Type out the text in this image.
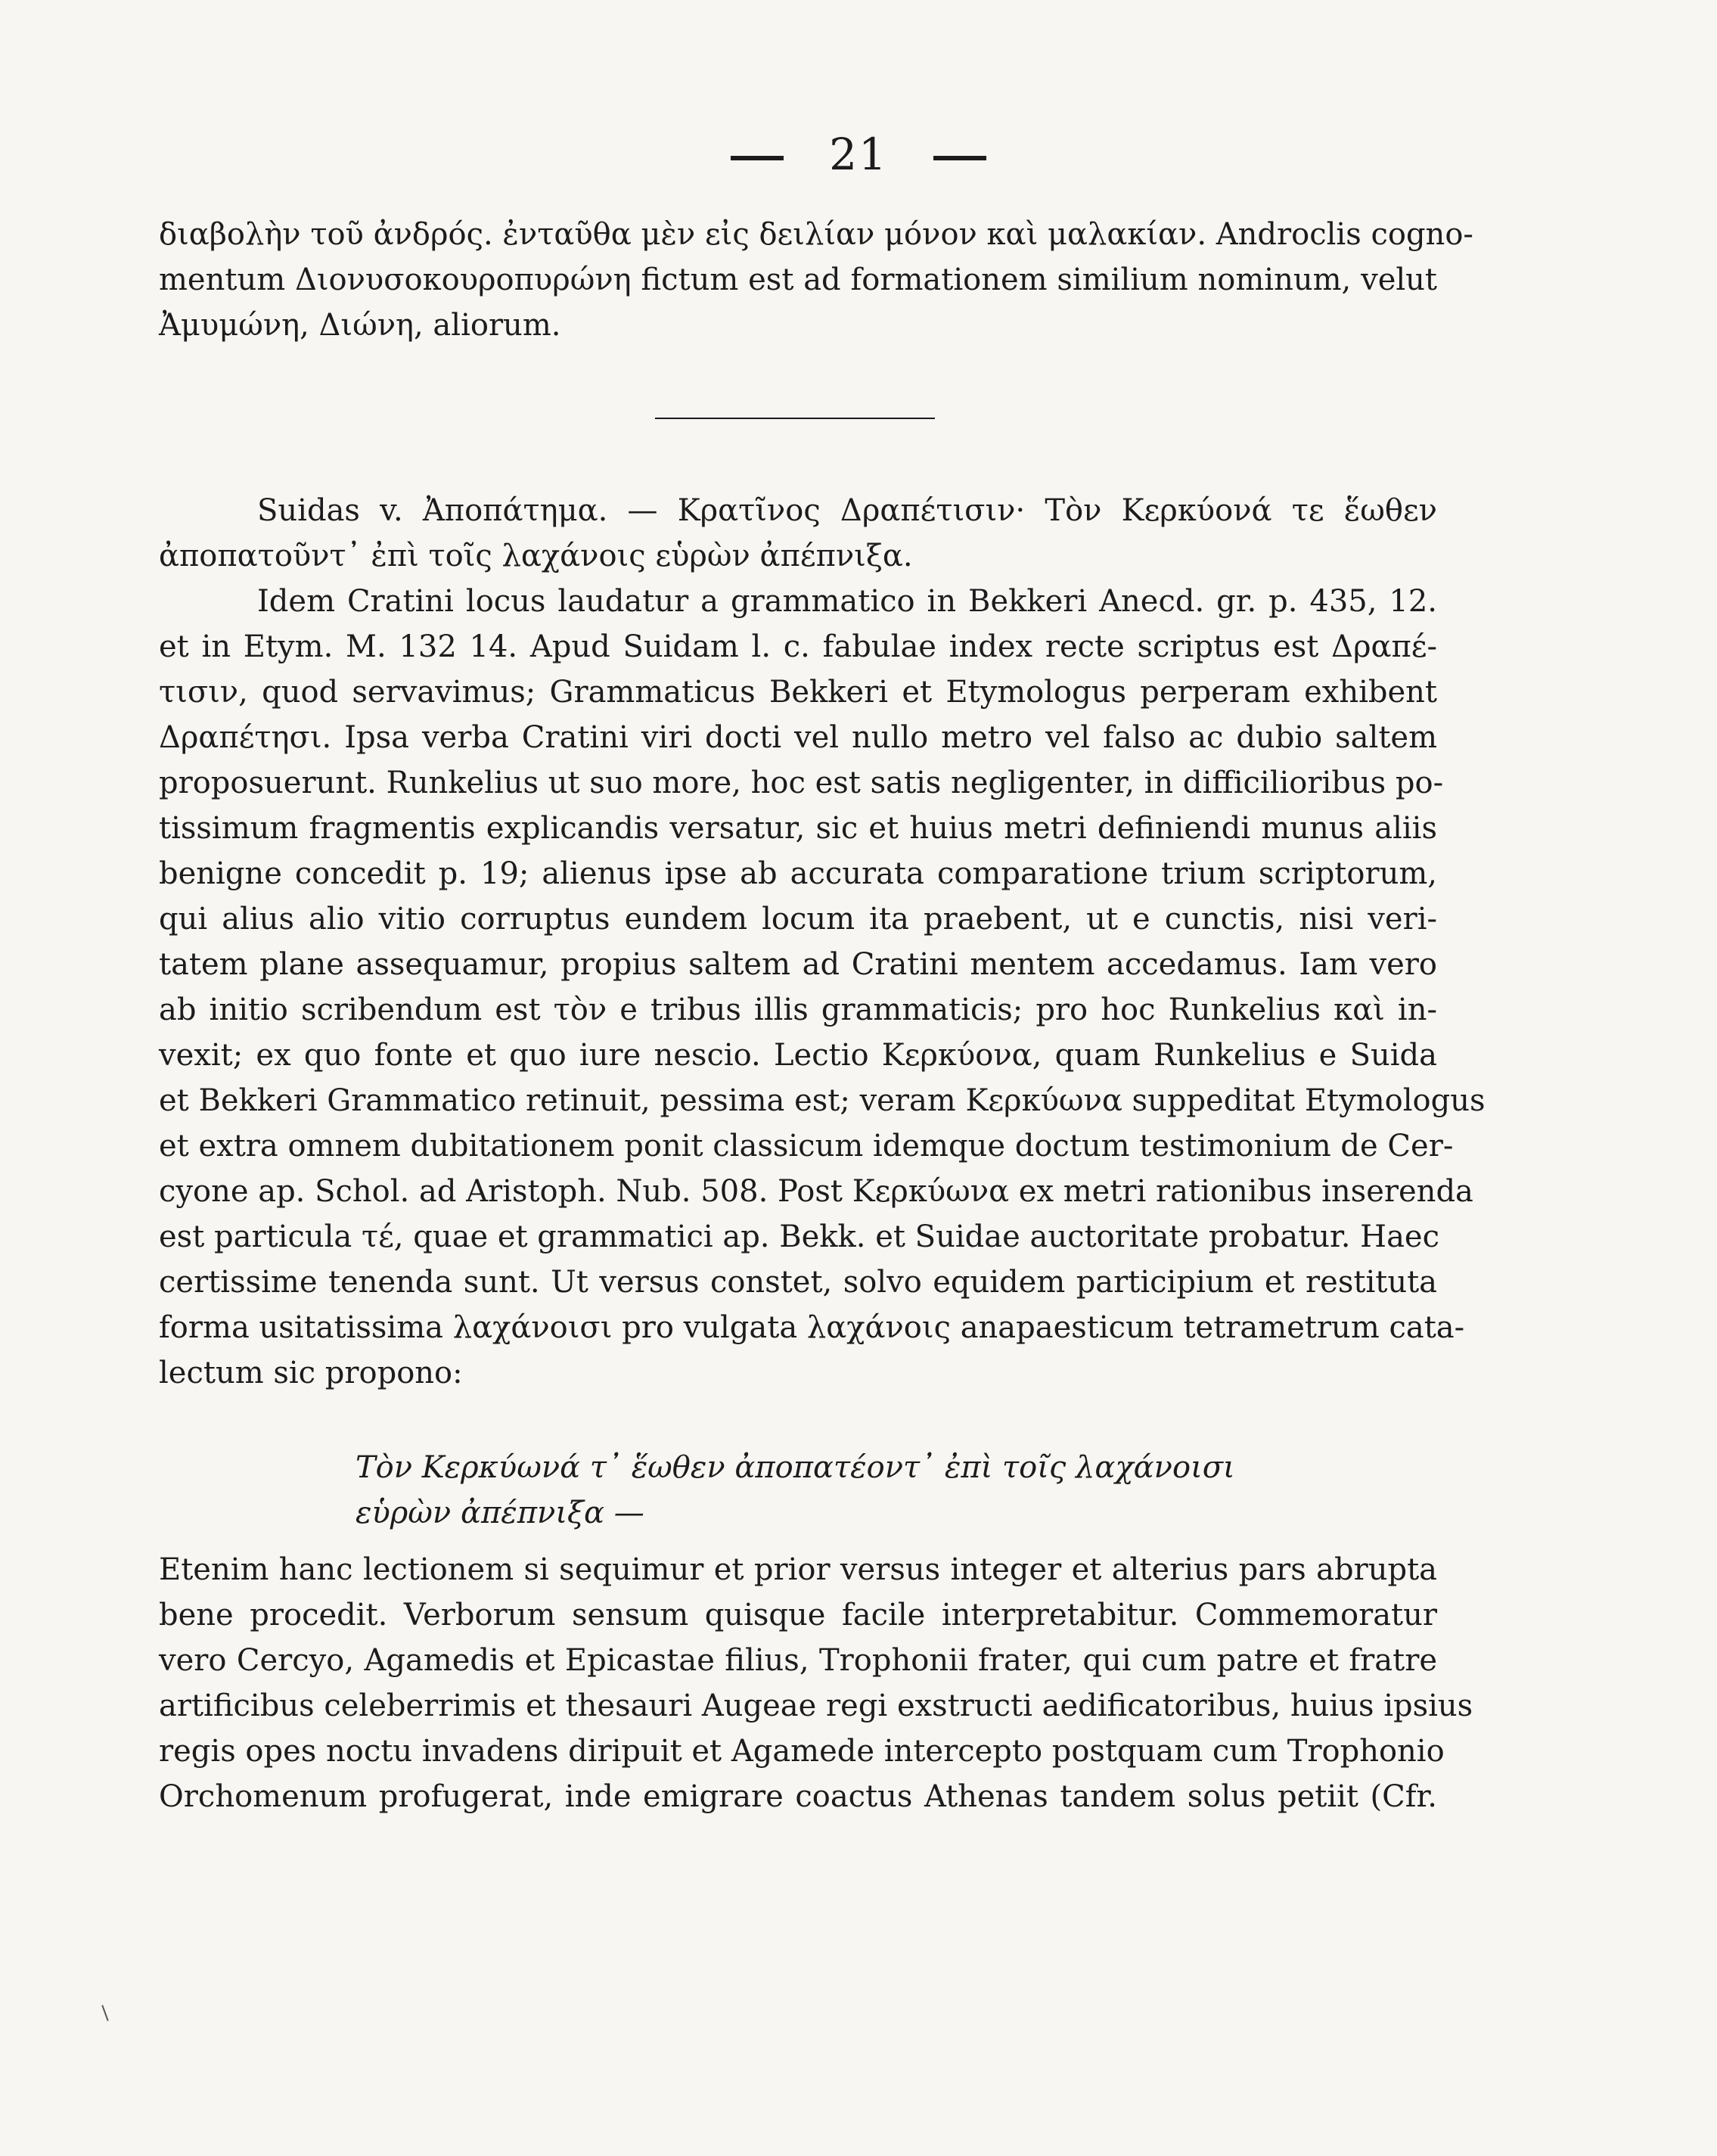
21
διαβολὴν τοῦ ἀνδρός. ἐνταῦθα μὲν εἰς δειλίαν μόνον καὶ μαλακίαν. Androclis cogno-
mentum Διονυσοκουροπυρώνη fictum est ad formationem similium nominum, velut
Ἀμυμώνη, Διώνη, aliorum.
Suidas v. Ἀποπάτημα. — Κρατῖνος Δραπέτισιν· Τὸν Κερκύονά τε ἕωθεν
ἀποπατοῦντ᾽ ἐπὶ τοῖς λαχάνοις εὑρὼν ἀπέπνιξα.
Idem Cratini locus laudatur a grammatico in Bekkeri Anecd. gr. p. 435, 12.
et in Etym. M. 132 14. Apud Suidam l. c. fabulae index recte scriptus est Δραπέ-
τισιν, quod servavimus; Grammaticus Bekkeri et Etymologus perperam exhibent
Δραπέτησι. Ipsa verba Cratini viri docti vel nullo metro vel falso ac dubio saltem
proposuerunt. Runkelius ut suo more, hoc est satis negligenter, in difficilioribus po-
tissimum fragmentis explicandis versatur, sic et huius metri definiendi munus aliis
benigne concedit p. 19; alienus ipse ab accurata comparatione trium scriptorum,
qui alius alio vitio corruptus eundem locum ita praebent, ut e cunctis, nisi veri-
tatem plane assequamur, propius saltem ad Cratini mentem accedamus. Iam vero
ab initio scribendum est τὸν e tribus illis grammaticis; pro hoc Runkelius καὶ in-
vexit; ex quo fonte et quo iure nescio. Lectio Κερκύονα, quam Runkelius e Suida
et Bekkeri Grammatico retinuit, pessima est; veram Κερκύωνα suppeditat Etymologus
et extra omnem dubitationem ponit classicum idemque doctum testimonium de Cer-
cyone ap. Schol. ad Aristoph. Nub. 508. Post Κερκύωνα ex metri rationibus inserenda
est particula τέ, quae et grammatici ap. Bekk. et Suidae auctoritate probatur. Haec
certissime tenenda sunt. Ut versus constet, solvo equidem participium et restituta
forma usitatissima λαχάνοισι pro vulgata λαχάνοις anapaesticum tetrametrum cata-
lectum sic propono:
Τὸν Κερκύωνά τ᾽ ἕωθεν ἀποπατέοντ᾽ ἐπὶ τοῖς λαχάνοισι
εὑρὼν ἀπέπνιξα —
Etenim hanc lectionem si sequimur et prior versus integer et alterius pars abrupta
bene procedit. Verborum sensum quisque facile interpretabitur. Commemoratur
vero Cercyo, Agamedis et Epicastae filius, Trophonii frater, qui cum patre et fratre
artificibus celeberrimis et thesauri Augeae regi exstructi aedificatoribus, huius ipsius
regis opes noctu invadens diripuit et Agamede intercepto postquam cum Trophonio
Orchomenum profugerat, inde emigrare coactus Athenas tandem solus petiit (Cfr.
